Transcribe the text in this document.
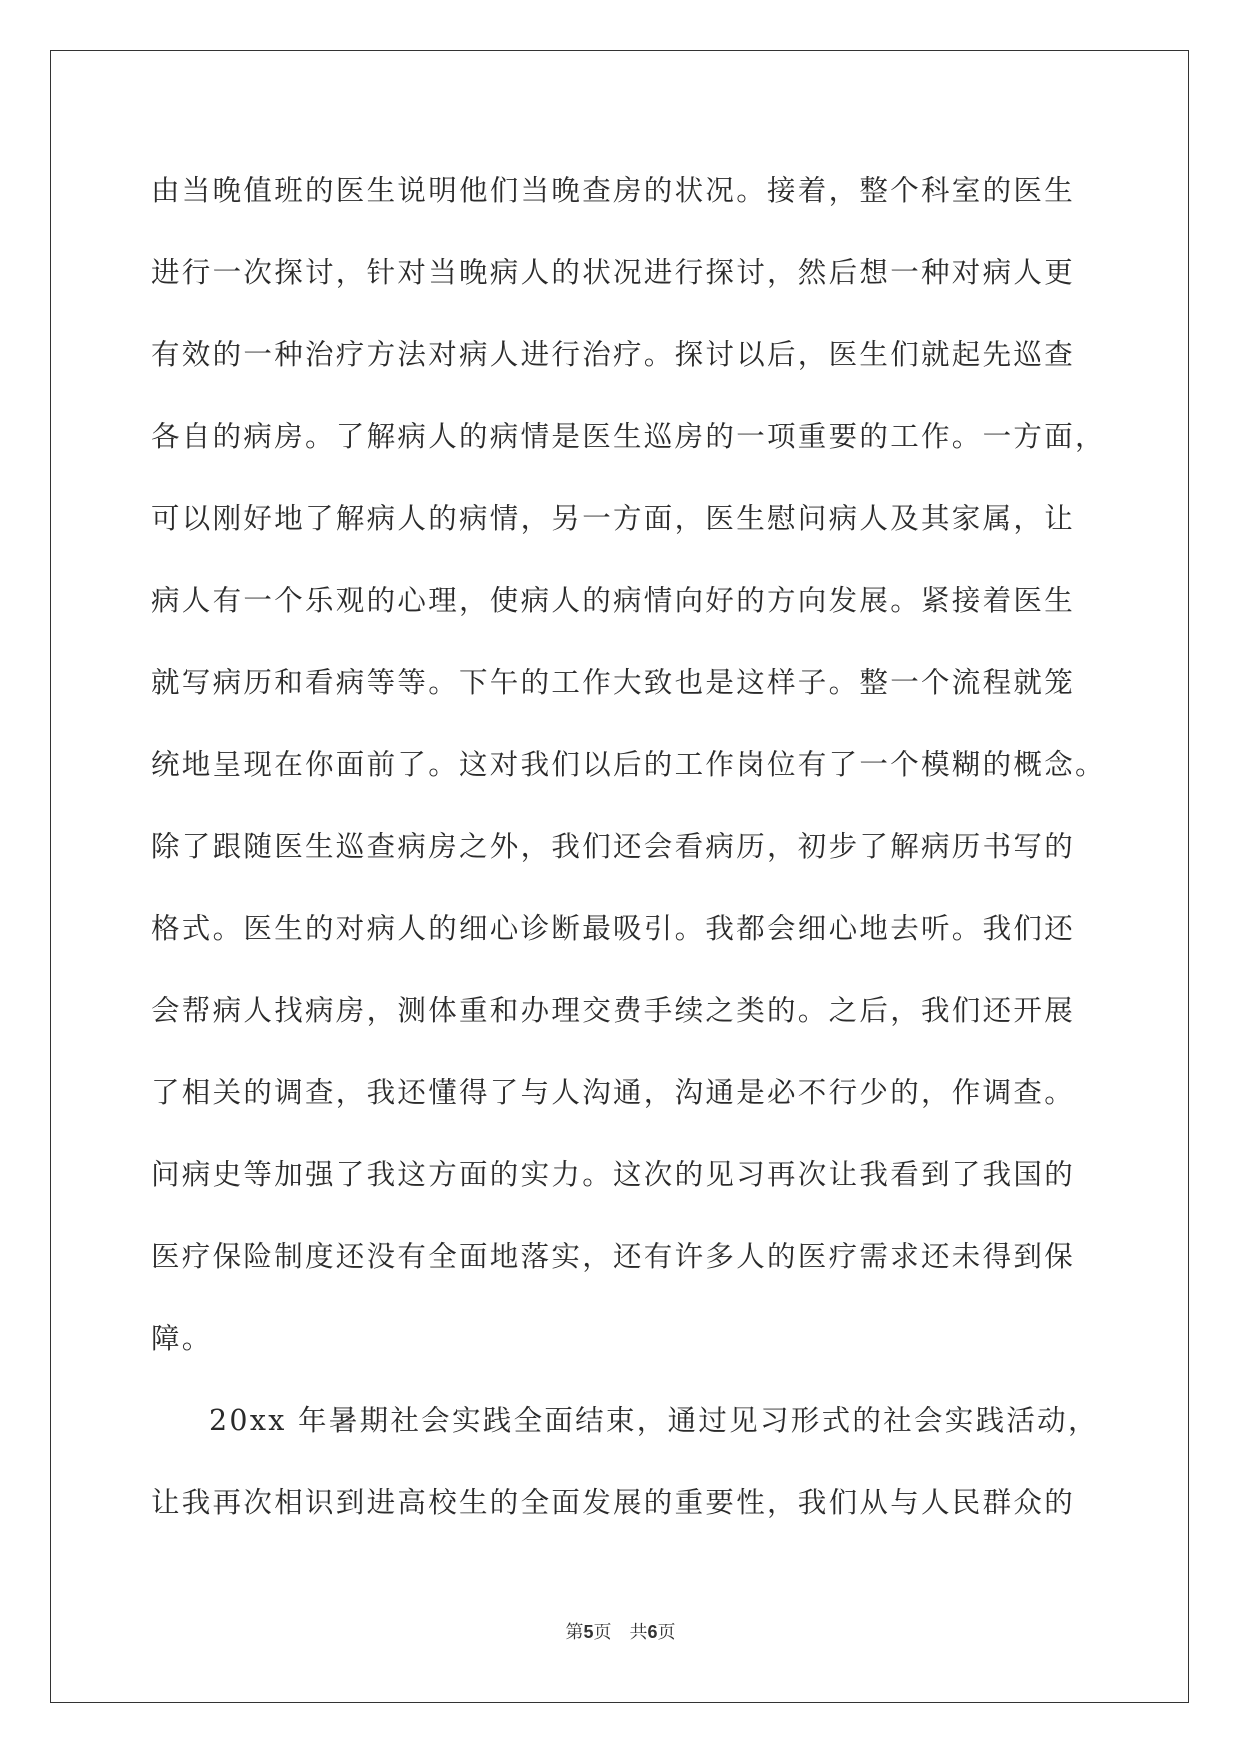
由当晚值班的医生说明他们当晚查房的状况。接着，整个科室的医生
进行一次探讨，针对当晚病人的状况进行探讨，然后想一种对病人更
有效的一种治疗方法对病人进行治疗。探讨以后，医生们就起先巡查
各自的病房。了解病人的病情是医生巡房的一项重要的工作。一方面，
可以刚好地了解病人的病情，另一方面，医生慰问病人及其家属，让
病人有一个乐观的心理，使病人的病情向好的方向发展。紧接着医生
就写病历和看病等等。下午的工作大致也是这样子。整一个流程就笼
统地呈现在你面前了。这对我们以后的工作岗位有了一个模糊的概念。
除了跟随医生巡查病房之外，我们还会看病历，初步了解病历书写的
格式。医生的对病人的细心诊断最吸引。我都会细心地去听。我们还
会帮病人找病房，测体重和办理交费手续之类的。之后，我们还开展
了相关的调查，我还懂得了与人沟通，沟通是必不行少的，作调查。
问病史等加强了我这方面的实力。这次的见习再次让我看到了我国的
医疗保险制度还没有全面地落实，还有许多人的医疗需求还未得到保
障。
20xx 年暑期社会实践全面结束，通过见习形式的社会实践活动，
让我再次相识到进高校生的全面发展的重要性，我们从与人民群众的
第5页 共6页
